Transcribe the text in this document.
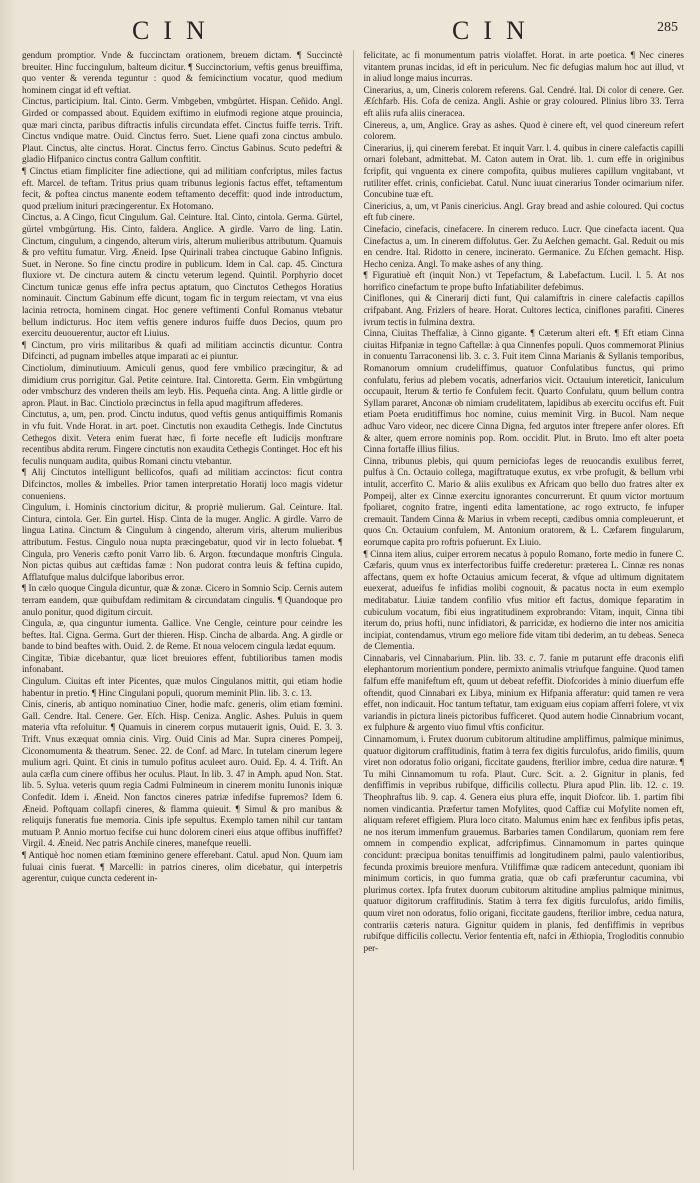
CIN	CIN	285

gendum promptior. Vnde & fuccinctam orationem, breuem dictam. ¶ Succinctè breuiter. Hinc fuccingulum, balteum dicitur. ¶ Succinctorium, veftis genus breuiffima, quo venter & verenda teguntur : quod & femicinctium vocatur, quod medium hominem cingat id eft veftiat.

Cinctus, participium. Ital. Cinto. Germ. Vmbgeben, vmbgürtet. Hispan. Ceñido. Angl. Girded or compassed about. Equidem exiftimo in eiufmodi regione atque prouincia, quæ mari cincta, paribus diftractis infulis circundata effet. Cinctus fuiffe terris. Trift. Cinctus vndique matre. Ouid. Cinctus ferro. Suet. Liene quafi zona cinctus ambulo. Plaut. Cinctus, alte cinctus. Horat. Cinctus ferro. Cinctus Gabinus. Scuto pedeftri & gladio Hifpanico cinctus contra Gallum conftitit.

¶ Cinctus etiam fimpliciter fine adiectione, qui ad militiam confcriptus, miles factus eft. Marcel. de teftam. Tritus prius quam tribunus legionis factus effet, teftamentum fecit, & poftea cinctus manente eodem teftamento deceffit: quod inde introductum, quod prælium inituri præcingerentur. Ex Hotomano.

Cinctus, a. A Cingo, ficut Cingulum. Gal. Ceinture. Ital. Cinto, cintola. Germa. Gürtel, gürtel vmbgürtung. His. Cinto, faldera. Anglice. A girdle. Varro de ling. Latin. Cinctum, cingulum, a cingendo, alterum viris, alterum mulieribus attributum. Quamuis & pro veftitu fumatur. Virg. Æneid. Ipse Quirinali trabea cinctuque Gabino Infignis. Suet. in Nerone. So fine cinctu prodire in publicum. Idem in Cal. cap. 45. Cinctura fluxiore vt. De cinctura autem & cinctu veterum legend. Quintil. Porphyrio docet Cinctum tunicæ genus effe infra pectus aptatum, quo Cinctutos Cethegos Horatius nominauit. Cinctum Gabinum effe dicunt, togam fic in tergum reiectam, vt vna eius lacinia retrocta, hominem cingat. Hoc genere veftimenti Conful Romanus vtebatur bellum indicturus. Hoc item veftis genere induros fuiffe duos Decios, quum pro exercitu deuouerentur, auctor eft Liuius.

¶ Cinctum, pro viris militaribus & quafi ad militiam accinctis dicuntur. Contra Difcincti, ad pugnam imbelles atque imparati ac ei piuntur.

Cinctiolum, diminutiuum. Amiculi genus, quod fere vmbilico præcingitur, & ad dimidium crus porrigitur. Gal. Petite ceinture. Ital. Cintoretta. Germ. Ein vmbgürtung oder vmbschurz des vnderen theils am leyb. His. Pequeña cinta. Ang. A little girdle or apron. Plaut. in Bac. Cinctiolo præcinctus in fella apud magiftrum affederes.

Cinctutus, a, um, pen. prod. Cinctu indutus, quod veftis genus antiquiffimis Romanis in vfu fuit. Vnde Horat. in art. poet. Cinctutis non exaudita Cethegis. Inde Cinctutus Cethegos dixit. Vetera enim fuerat hæc, fi forte necefle eft Iudicijs monftrare recentibus abdita rerum. Fingere cinctutis non exaudita Cethegis Continget. Hoc eft his feculis nunquam audita, quibus Romani cinctu vtebantur.

¶ Alij Cinctutos intelligunt bellicofos, quafi ad militiam accinctos: ficut contra Difcinctos, molles & imbelles. Prior tamen interpretatio Horatij loco magis videtur conueniens.

Cingulum, i. Hominis cinctorium dicitur, & propriè mulierum. Gal. Ceinture. Ital. Cintura, cintola. Ger. Ein gurtel. Hisp. Cinta de la muger. Anglic. A girdle. Varro de lingua Latina. Cinctum & Cingulum à cingendo, alterum viris, alterum mulieribus attributum. Festus. Cingulo noua nupta præcingebatur, quod vir in lecto foluebat. ¶ Cingula, pro Veneris cæfto ponit Varro lib. 6. Argon. fœcundaque monftris Cingula. Non pictas quibus aut cæftidas famæ : Non pudorat contra leuis & feftina cupido, Afflatufque malus dulcifque laboribus error.

¶ In cælo quoque Cingula dicuntur, quæ & zonæ. Cicero in Somnio Scip. Cernis autem terram eandem, quæ quibufdam redimitam & circundatam cingulis. ¶ Quandoque pro anulo ponitur, quod digitum circuit.

Cingula, æ, qua cinguntur iumenta. Gallice. Vne Cengle, ceinture pour ceindre les beftes. Ital. Cigna. Germa. Gurt der thieren. Hisp. Cincha de albarda. Ang. A girdle or bande to bind beaftes with. Ouid. 2. de Reme. Et noua velocem cingula lædat equum.

Cingitæ, Tibiæ dicebantur, quæ licet breuiores effent, fubtilioribus tamen modis infonabant.

Cingulum. Ciuitas eft inter Picentes, quæ mulos Cingulanos mittit, qui etiam hodie habentur in pretio. ¶ Hinc Cingulani populi, quorum meminit Plin. lib. 3. c. 13.

Cinis, cineris, ab antiquo nominatiuo Ciner, hodie mafc. generis, olim etiam fœmini. Gall. Cendre. Ital. Cenere. Ger. Eſch. Hisp. Ceniza. Anglic. Ashes. Puluis in quem materia vfta refoluitur. ¶ Quamuis in cinerem corpus mutauerit ignis, Ouid. E. 3. 3. Trift. Vnus exæquat omnia cinis. Virg. Ouid Cinis ad Mar. Supra cineres Pompeij, Ciconomumenta & theatrum. Senec. 22. de Conf. ad Marc. In tutelam cinerum legere mulium agri. Quint. Et cinis in tumulo pofitus aculeet auro. Ouid. Ep. 4. 4. Trift. An aula cæfla cum cinere offibus her oculus. Plaut. In lib. 3. 47 in Amph. apud Non. Stat. lib. 5. Sylua. veteris quum regia Cadmi Fulmineum in cinerem monitu Iunonis iniquæ Confedit. Idem i. Æneid. Non fanctos cineres patriæ infedifse fupremos? Idem 6. Æneid. Poftquam collapfi cineres, & flamma quieuit. ¶ Simul & pro manibus & reliquijs funeratis fue memoria. Cinis ipfe sepultus. Exemplo tamen nihil cur tantam mutuam P. Annio mortuo fecifse cui hunc dolorem cineri eius atque offibus inuffiffet? Virgil. 4. Æneid. Nec patris Anchiſe cineres, manefque reuelli.

¶ Antiquè hoc nomen etiam fœminino genere efferebant. Catul. apud Non. Quum iam fuluai cinis fuerat. ¶ Marcelli: in patrios cineres, olim dicebatur, qui interpetris agerentur, cuique cuncta cederent in-

felicitate, ac fi monumentum patris violaffet. Horat. in arte poetica. ¶ Nec cineres vitantem prunas incidas, id eft in periculum. Nec fic defugias malum hoc aut illud, vt in aliud longe maius incurras.

Cinerarius, a, um, Cineris colorem referens. Gal. Cendré. Ital. Di color di cenere. Ger. Æſchfarb. His. Cofa de ceniza. Angli. Ashie or gray coloured. Plinius libro 33. Terra eft aliis rufa aliis cineracea.

Cinereus, a, um, Anglice. Gray as ashes. Quod è cinere eft, vel quod cinereum refert colorem.

Cinerarius, ij, qui cinerem ferebat. Et inquit Varr. l. 4. quibus in cinere calefactis capilli ornari folebant, admittebat. M. Caton autem in Orat. lib. 1. cum effe in originibus fcripfit, qui vnguenta ex cinere compofita, quibus mulieres capillum vngitabant, vt rutiliter effet. crinis, conficiebat. Catul. Nunc iuuat cinerarius Tonder ocimarium nifer. Concubine tuæ eft.

Cinericius, a, um, vt Panis cinericius. Angl. Gray bread and ashie coloured. Qui coctus eft fub cinere.

Cinefacio, cinefacis, cinefacere. In cinerem reduco. Lucr. Que cinefacta iacent. Qua Cinefactus a, um. In cinerem diffolutus. Ger. Zu Aeſchen gemacht. Gal. Reduit ou mis en cendre. Ital. Ridotto in cenere, incinerato. Germanice. Zu Eſchen gemacht. Hisp. Hecho ceniza. Angl. To make ashes of any thing.

¶ Figuratiuè eft (inquit Non.) vt Tepefactum, & Labefactum. Lucil. l. 5. At nos horrifico cinefactum te prope bufto Infatiabiliter defebimus.

Ciniflones, qui & Cinerarij dicti funt, Qui calamiftris in cinere calefactis capillos crifpabant. Ang. Frizlers of heare. Horat. Cultores lectica, ciniflones parafiti. Cineres ivrum tectis in fulmina dextra.

Cinna, Ciuitas Theffaliæ, à Cinno gigante. ¶ Cæterum alteri eft. ¶ Eft etiam Cinna ciuitas Hifpaniæ in tegno Caftellæ: à qua Cinnenfes populi. Quos commemorat Plinius in conuentu Tarraconensi lib. 3. c. 3. Fuit item Cinna Marianis & Syllanis temporibus, Romanorum omnium crudeliffimus, quatuor Confulatibus functus, qui primo confulatu, ferius ad plebem vocatis, adnerfarios vicit. Octauium intereticit, Ianiculum occupauit, Iterum & tertio fe Confulem fecit. Quarto Confulatu, quum bellum contra Syllam pararet, Anconæ ob nimiam crudelitatem, lapidibus ab exercitu occifus eft. Fuit etiam Poeta eruditiffimus hoc nomine, cuius meminit Virg. in Bucol. Nam neque adhuc Varo videor, nec dicere Cinna Digna, fed argutos inter ftrepere anfer olores. Eft & alter, quem errore nominis pop. Rom. occidit. Plut. in Bruto. Imo eft alter poeta Cinna fortaffe illius filius.

Cinna, tribunus plebis, qui quum perniciofas leges de reuocandis exulibus ferret, pulfus à Cn. Octauio collega, magiftratuque exutus, ex vrbe profugit, & bellum vrbi intulit, accerfito C. Mario & aliis exulibus ex Africam quo bello duo fratres alter ex Pompeij, alter ex Cinnæ exercitu ignorantes concurrerunt. Et quum victor mortuum fpoliaret, cognito fratre, ingenti edita lamentatione, ac rogo extructo, fe infuper cremauit. Tandem Cinna & Marius in vrbem recepti, cædibus omnia compleuerunt, et quos Cn. Octauium confulem, M. Antonium oratorem, & L. Cæfarem fingularum, eorumque capita pro roftris pofuerunt. Ex Liuio.

¶ Cinna item alius, cuiper errorem necatus à populo Romano, forte medio in funere C. Cæfaris, quum vnus ex interfectoribus fuiffe crederetur: præterea L. Cinnæ res nonas affectans, quem ex hofte Octauius amicum fecerat, & vfque ad ultimum dignitatem euexerat, adueifus fe infidias molibi cognouit, & pacatus nocta in eum exemplo meditabatur. Liuiæ tandem confilio vfus mitior eft factus, domique feparatim in cubiculum vocatum, fibi eius ingratitudinem exprobrando: Vitam, inquit, Cinna tibi iterum do, prius hofti, nunc infidiatori, & parricidæ, ex hodierno die inter nos amicitia incipiat, contendamus, vtrum ego meliore fide vitam tibi dederim, an tu debeas. Seneca de Clementia.

Cinnabaris, vel Cinnabarium. Plin. lib. 33. c. 7. fanie m putarunt effe draconis elifi elephantorum morientium pondere, permixto animalis vtriufque fanguine. Quod tamen falfum effe manifeftum eft, quum ut debeat refeffit. Diofcorides à minio diuerfum effe oftendit, quod Cinnabari ex Libya, minium ex Hifpania afferatur: quid tamen re vera effet, non indicauit. Hoc tantum teftatur, tam exiguam eius copiam afferri folere, vt vix variandis in pictura lineis pictoribus fufficeret. Quod autem hodie Cinnabrium vocant, ex fulphure & argento viuo fimul vftis conficitur.

Cinnamomum, i. Frutex duorum cubitorum altitudine ampliffimus, palmique minimus, quatuor digitorum craffitudinis, ftatim à terra fex digitis furculofus, arido fimilis, quum viret non odoratus folio origani, ficcitate gaudens, fterilior imbre, cedua dire naturæ. ¶ Tu mihi Cinnamomum tu rofa. Plaut. Curc. Scit. a. 2. Gignitur in planis, fed denfiffimis in vepribus rubifque, difficilis collectu. Plura apud Plin. lib. 12. c. 19. Theophraftus lib. 9. cap. 4. Genera eius plura effe, inquit Diofcor. lib. 1. partim fibi nomen vindicantia. Præfertur tamen Mofylites, quod Caffiæ cui Mofylite nomen eft, aliquam referet effigiem. Plura loco citato. Malumus enim hæc ex fenfibus ipfis petas, ne nos iterum immenfum grauemus. Barbaries tamen Condilarum, quoniam rem fere omnem in compendio explicat, adfcripfimus. Cinnamomum in partes quinque concidunt: præcipua bonitas tenuiffimis ad longitudinem palmi, paulo valentioribus, fecunda proximis breuiore menfura. Vtiliffimæ quæ radicem antecedunt, quoniam ibi minimum corticis, in quo fumma gratia, quæ ob cafi præferuntur cacumina, vbi plurimus cortex. Ipfa frutex duorum cubitorum altitudine amplius palmique minimus, quatuor digitorum craffitudinis. Statim à terra fex digitis furculofus, arido fimilis, quum viret non odoratus, folio origani, ficcitate gaudens, fterilior imbre, cedua natura, contrariis cæteris natura. Gignitur quidem in planis, fed denfiffimis in vepribus rubifque difficilis collectu. Verior fententia eft, nafci in Æthiopia, Trogloditis connubio per-
